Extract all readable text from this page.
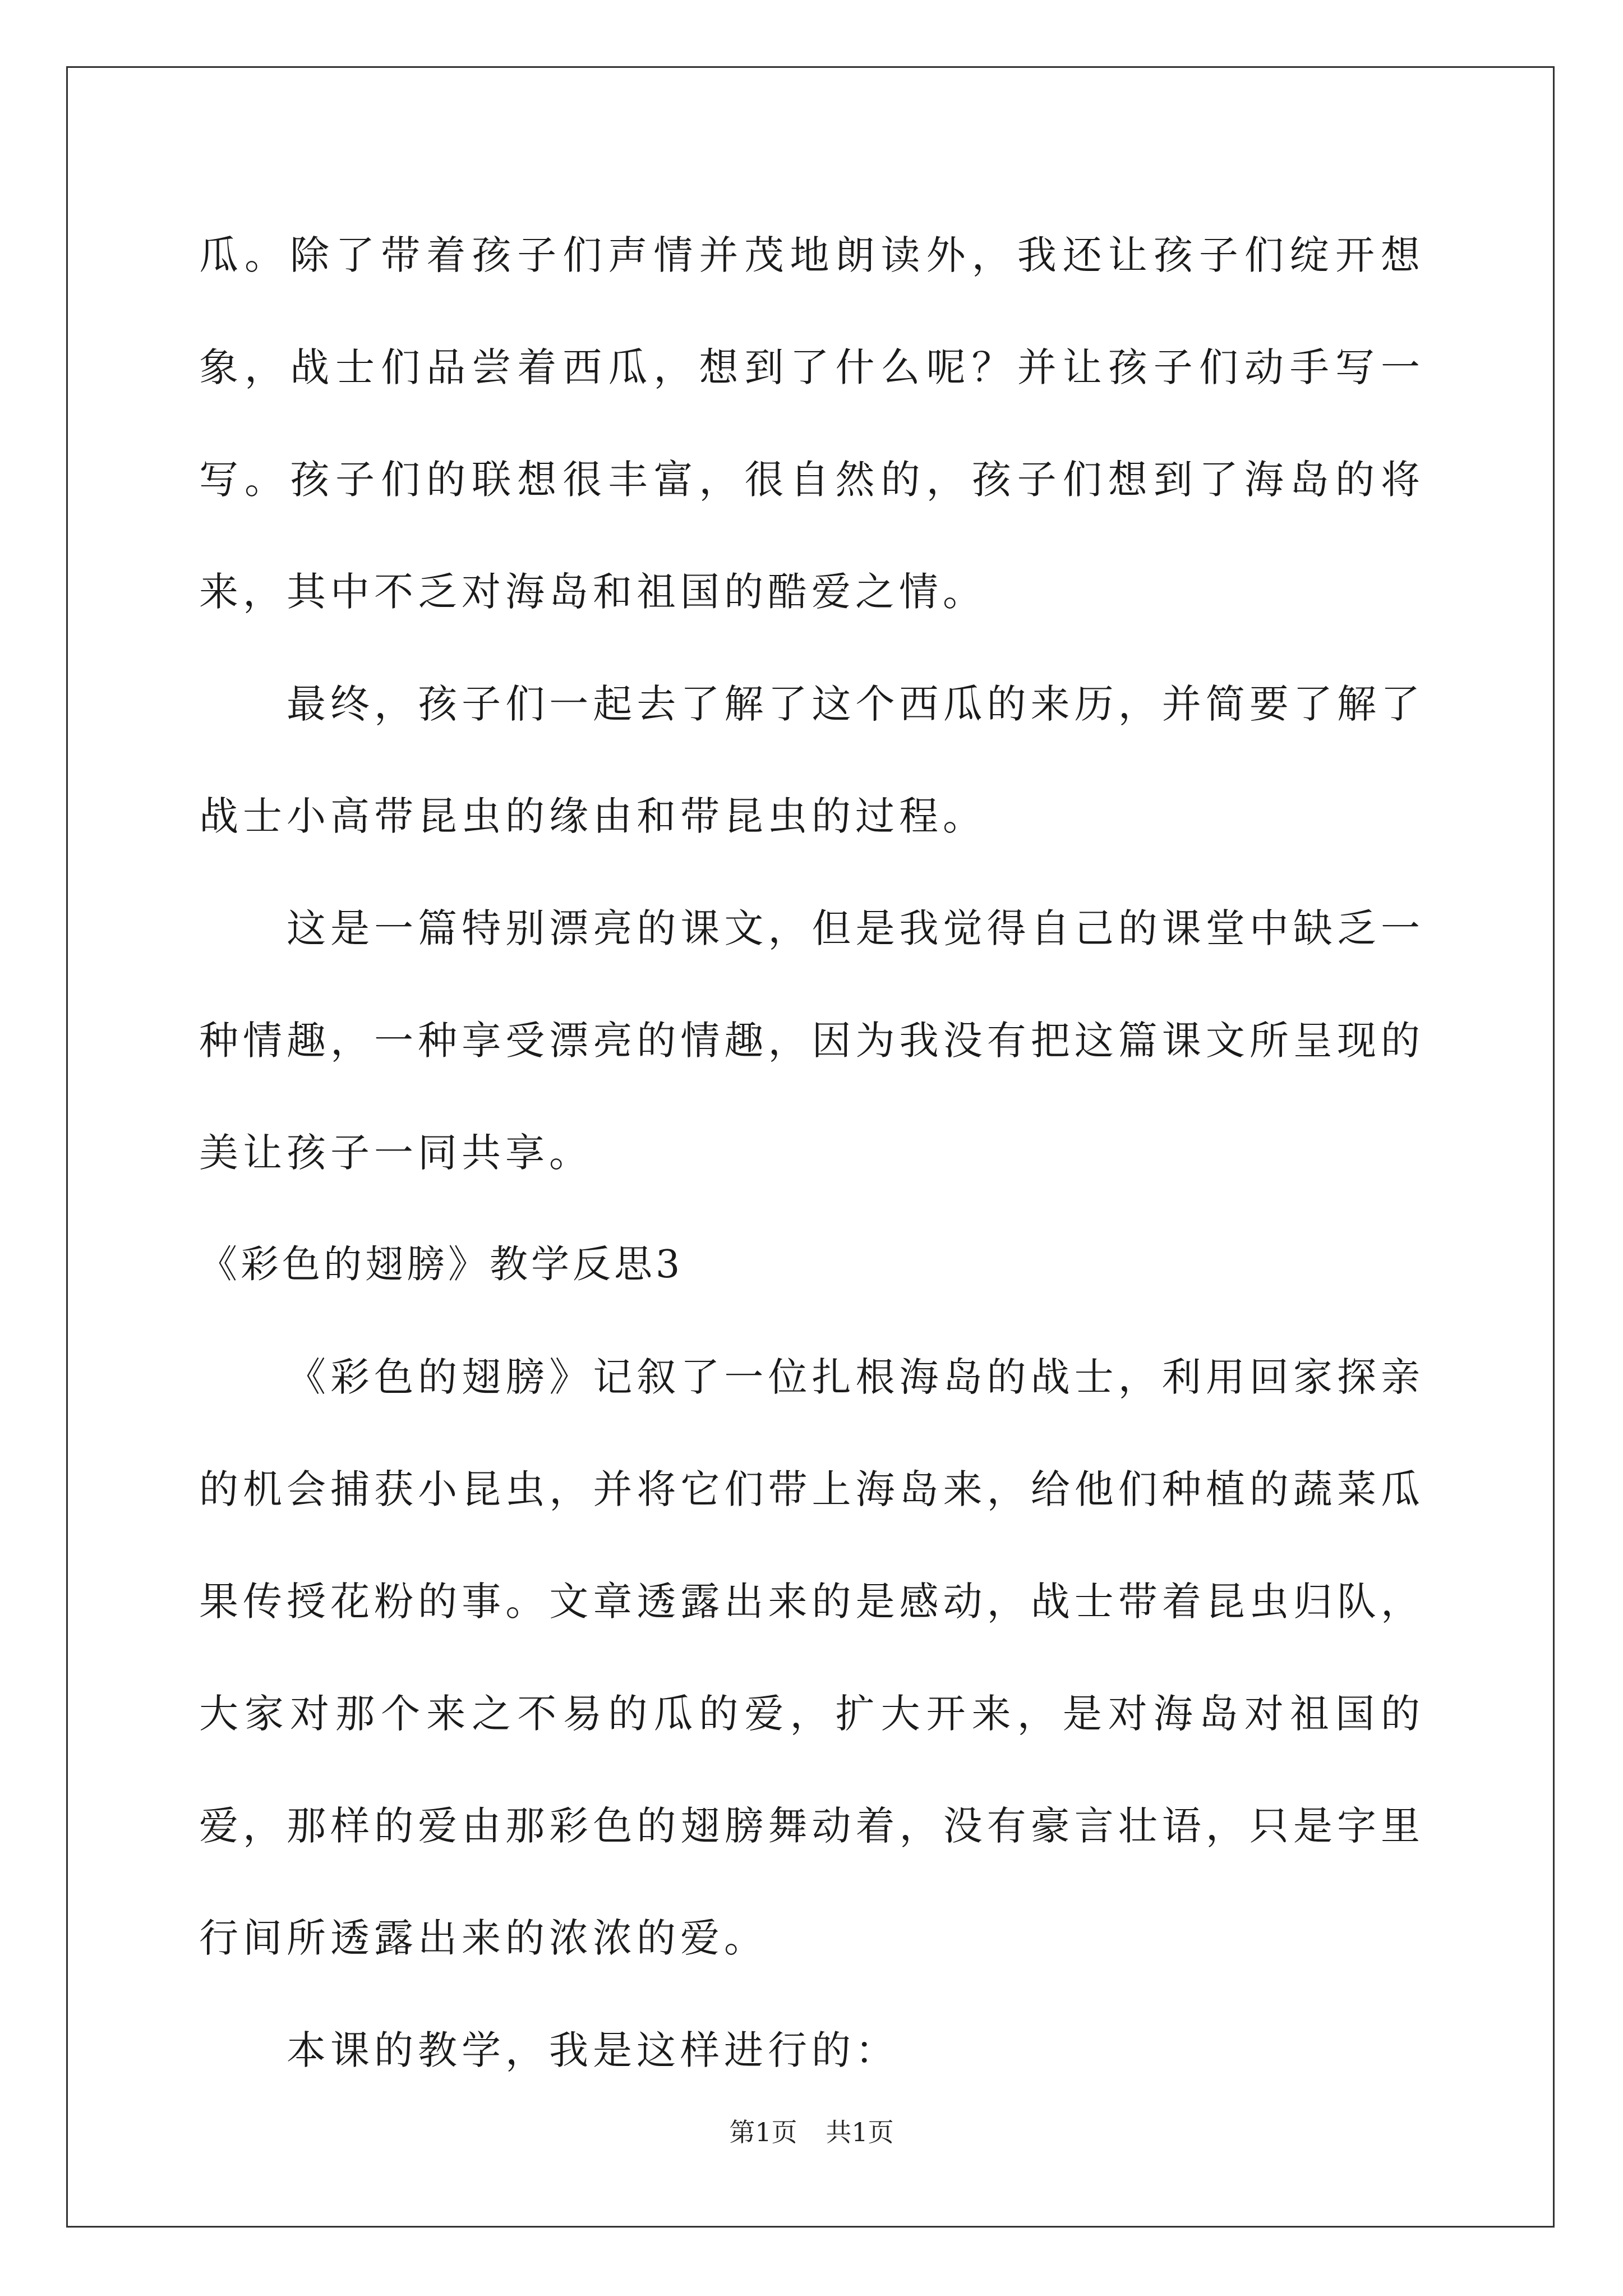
瓜。除了带着孩子们声情并茂地朗读外，我还让孩子们绽开想象，战士们品尝着西瓜，想到了什么呢？并让孩子们动手写一写。孩子们的联想很丰富，很自然的，孩子们想到了海岛的将来，其中不乏对海岛和祖国的酷爱之情。

最终，孩子们一起去了解了这个西瓜的来历，并简要了解了战士小高带昆虫的缘由和带昆虫的过程。

这是一篇特别漂亮的课文，但是我觉得自己的课堂中缺乏一种情趣，一种享受漂亮的情趣，因为我没有把这篇课文所呈现的美让孩子一同共享。

《彩色的翅膀》教学反思3

《彩色的翅膀》记叙了一位扎根海岛的战士，利用回家探亲的机会捕获小昆虫，并将它们带上海岛来，给他们种植的蔬菜瓜果传授花粉的事。文章透露出来的是感动，战士带着昆虫归队，大家对那个来之不易的瓜的爱，扩大开来，是对海岛对祖国的爱，那样的爱由那彩色的翅膀舞动着，没有豪言壮语，只是字里行间所透露出来的浓浓的爱。

本课的教学，我是这样进行的：

第1页 共1页
